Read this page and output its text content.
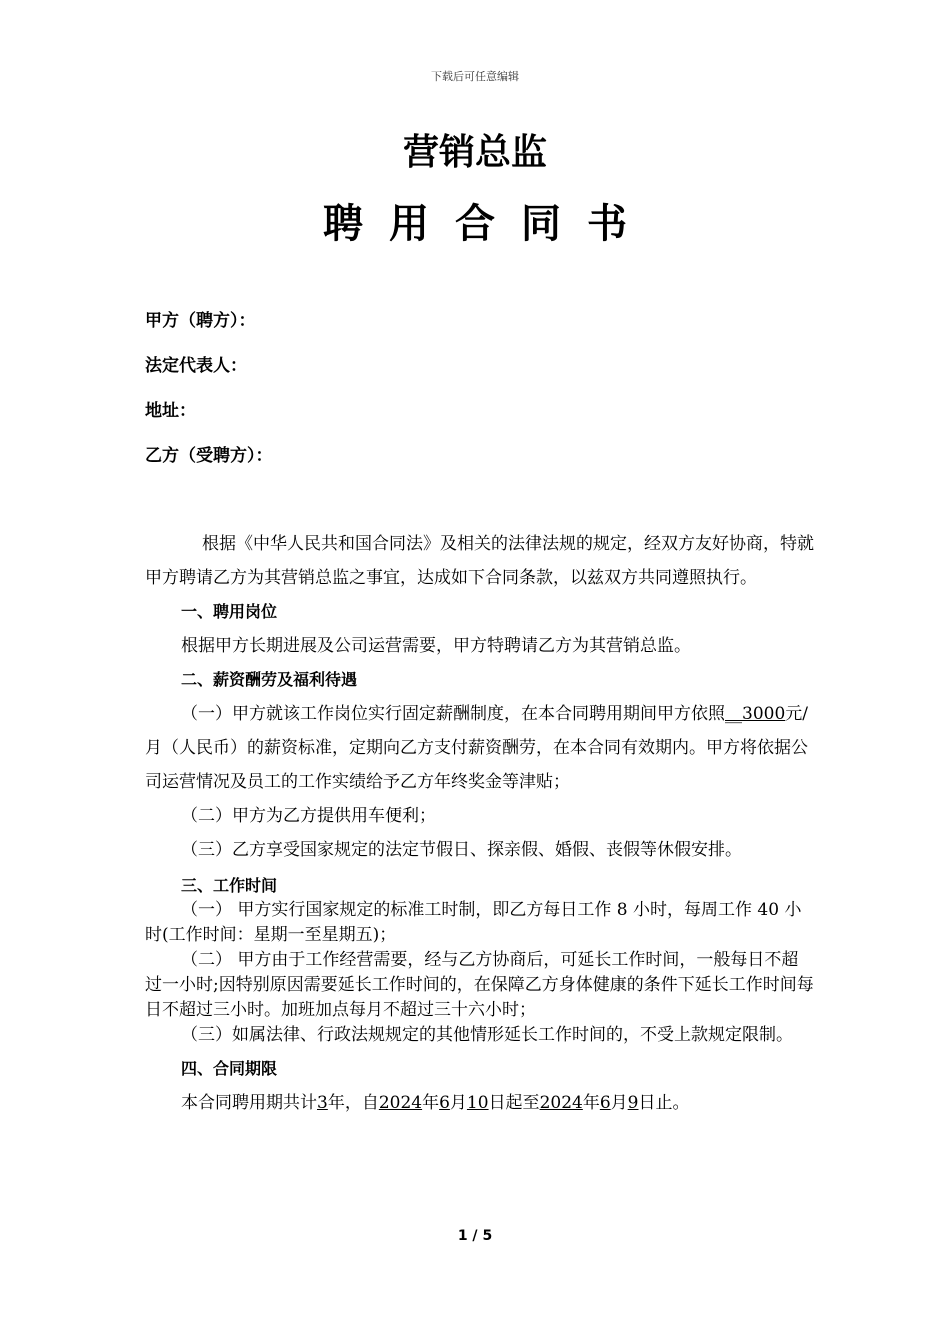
下载后可任意编辑
营销总监
聘用合同书
甲方（聘方）：
法定代表人：
地址：
乙方（受聘方）：

根据《中华人民共和国合同法》及相关的法律法规的规定，经双方友好协商，特就甲方聘请乙方为其营销总监之事宜，达成如下合同条款，以兹双方共同遵照执行。

一、聘用岗位

根据甲方长期进展及公司运营需要，甲方特聘请乙方为其营销总监。

二、薪资酬劳及福利待遇

（一）甲方就该工作岗位实行固定薪酬制度，在本合同聘用期间甲方依照__3000元/月（人民币）的薪资标准，定期向乙方支付薪资酬劳，在本合同有效期内。甲方将依据公司运营情况及员工的工作实绩给予乙方年终奖金等津贴；

（二）甲方为乙方提供用车便利；

（三）乙方享受国家规定的法定节假日、探亲假、婚假、丧假等休假安排。

三、工作时间

（一） 甲方实行国家规定的标准工时制，即乙方每日工作 8 小时，每周工作 40 小时(工作时间：星期一至星期五)；

（二） 甲方由于工作经营需要，经与乙方协商后，可延长工作时间，一般每日不超过一小时;因特别原因需要延长工作时间的，在保障乙方身体健康的条件下延长工作时间每日不超过三小时。加班加点每月不超过三十六小时；

（三）如属法律、行政法规规定的其他情形延长工作时间的，不受上款规定限制。

四、合同期限

本合同聘用期共计3年，自2024年6月10日起至2024年6月9日止。

1 / 5
